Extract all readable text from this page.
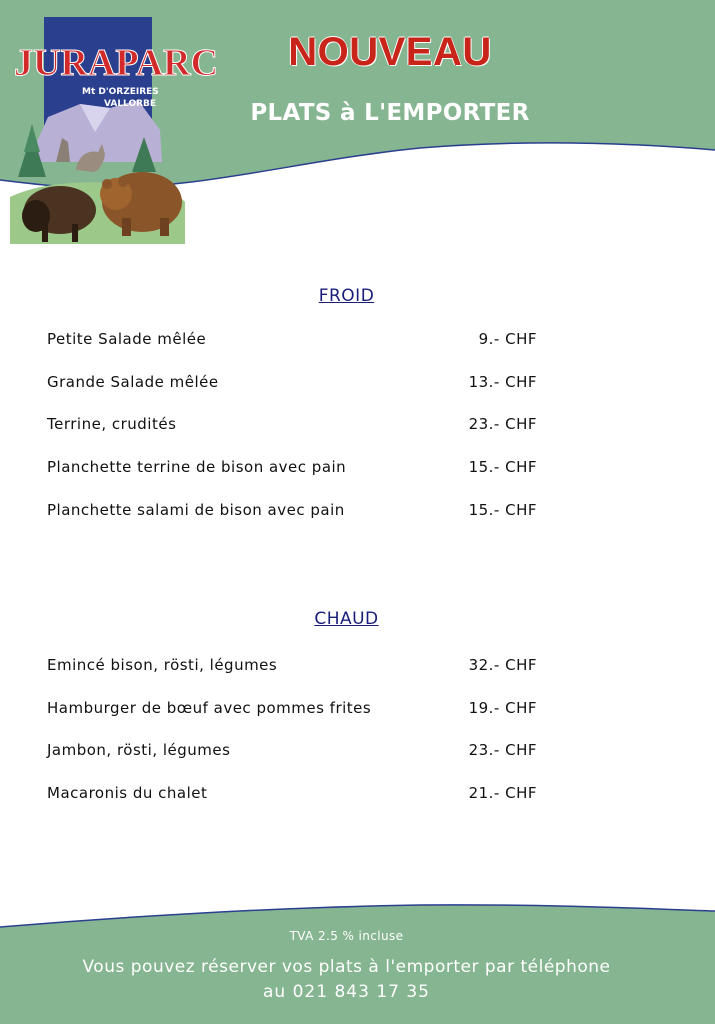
JURAPARC
Mt D'ORZEIRES
VALLORBE
NOUVEAU
PLATS à L'EMPORTER
FROID
Petite Salade mêlée	9.- CHF
Grande Salade mêlée	13.- CHF
Terrine, crudités	23.- CHF
Planchette terrine de bison avec pain	15.- CHF
Planchette salami de bison avec pain	15.- CHF
CHAUD
Emincé bison, rösti, légumes	32.- CHF
Hamburger de bœuf avec pommes frites	19.- CHF
Jambon, rösti, légumes	23.- CHF
Macaronis du chalet	21.- CHF
TVA 2.5 % incluse
Vous pouvez réserver vos plats à l'emporter par téléphone
au 021 843 17 35
